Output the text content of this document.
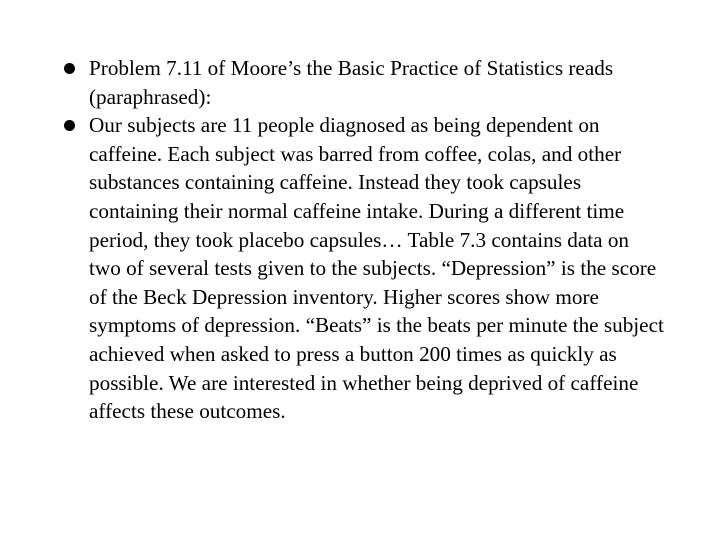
Problem 7.11 of Moore’s the Basic Practice of Statistics reads (paraphrased):
Our subjects are 11 people diagnosed as being dependent on caffeine. Each subject was barred from coffee, colas, and other substances containing caffeine. Instead they took capsules containing their normal caffeine intake. During a different time period, they took placebo capsules… Table 7.3 contains data on two of several tests given to the subjects. “Depression” is the score of the Beck Depression inventory. Higher scores show more symptoms of depression. “Beats” is the beats per minute the subject achieved when asked to press a button 200 times as quickly as possible. We are interested in whether being deprived of caffeine affects these outcomes.
